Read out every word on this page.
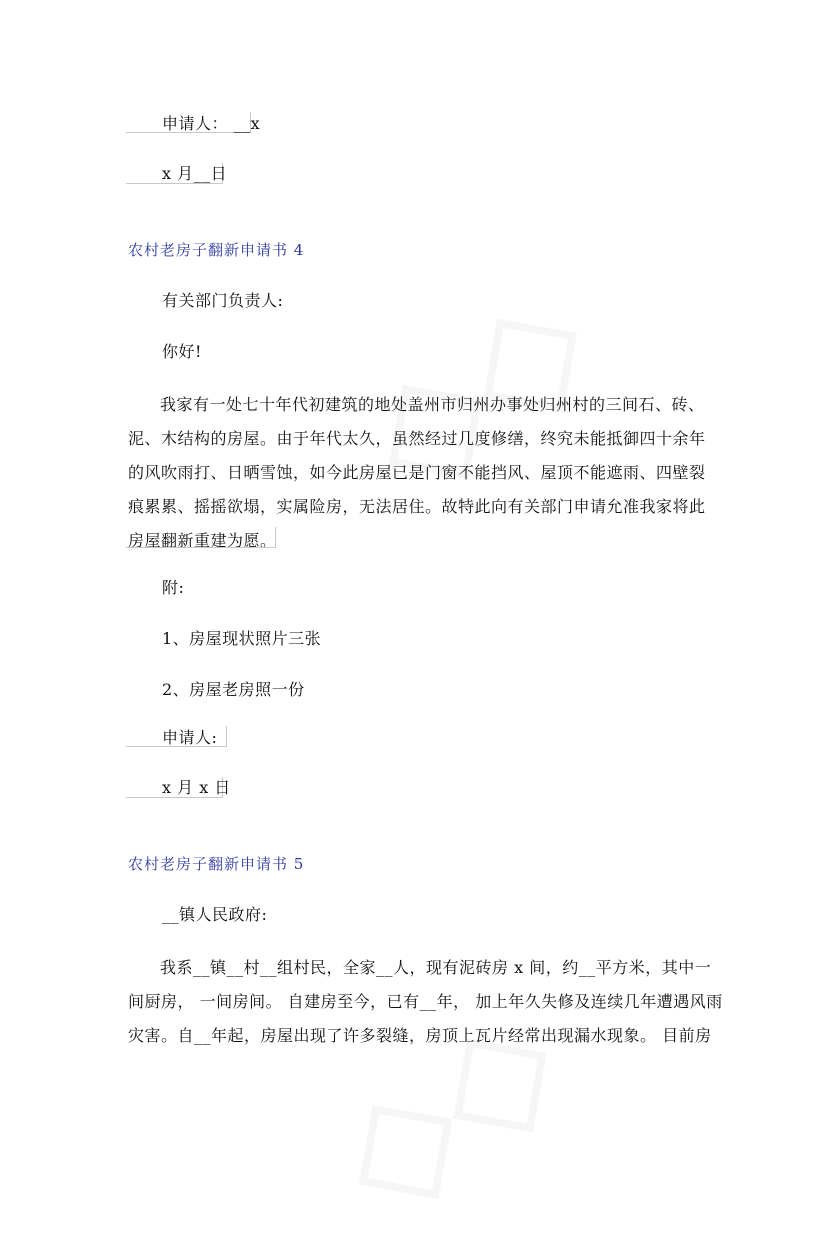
申请人： __x
x 月__日
农村老房子翻新申请书 4
有关部门负责人:
你好!
我家有一处七十年代初建筑的地处盖州市归州办事处归州村的三间石、砖、
泥、木结构的房屋。由于年代太久，虽然经过几度修缮，终究未能抵御四十余年
的风吹雨打、日晒雪蚀，如今此房屋已是门窗不能挡风、屋顶不能遮雨、四壁裂
痕累累、摇摇欲塌，实属险房，无法居住。故特此向有关部门申请允准我家将此
房屋翻新重建为愿。
附:
1、房屋现状照片三张
2、房屋老房照一份
申请人:
x 月 x 日
农村老房子翻新申请书 5
__镇人民政府:
我系__镇__村__组村民，全家__人，现有泥砖房 x 间，约__平方米，其中一
间厨房， 一间房间。 自建房至今，已有__年， 加上年久失修及连续几年遭遇风雨
灾害。自__年起，房屋出现了许多裂缝，房顶上瓦片经常出现漏水现象。 目前房
